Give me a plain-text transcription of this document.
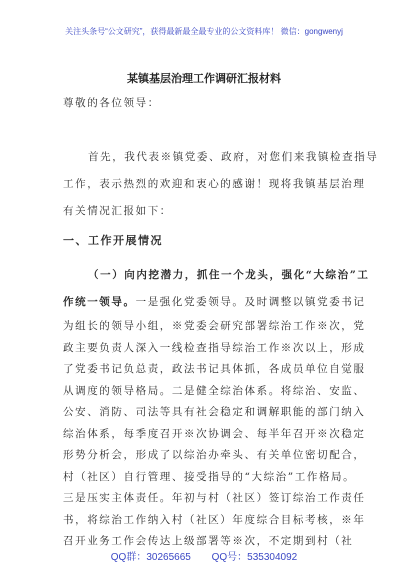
关注头条号“公文研究”，获得最新最全最专业的公文资料库！ 微信：gongwenyj
某镇基层治理工作调研汇报材料
尊敬的各位领导：
首先，我代表※镇党委、政府，对您们来我镇检查指导
工作，表示热烈的欢迎和衷心的感谢！现将我镇基层治理
有关情况汇报如下：
一、工作开展情况
（一）向内挖潜力，抓住一个龙头，强化“大综治”工
作统一领导。一是强化党委领导。及时调整以镇党委书记
为组长的领导小组，※党委会研究部署综治工作※次，党
政主要负责人深入一线检查指导综治工作※次以上，形成
了党委书记负总责，政法书记具体抓，各成员单位自觉服
从调度的领导格局。二是健全综治体系。将综治、安监、
公安、消防、司法等具有社会稳定和调解职能的部门纳入
综治体系，每季度召开※次协调会、每半年召开※次稳定
形势分析会，形成了以综治办牵头、有关单位密切配合，
村（社区）自行管理、接受指导的“大综治”工作格局。
三是压实主体责任。年初与村（社区）签订综治工作责任
书，将综治工作纳入村（社区）年度综合目标考核，※年
召开业务工作会传达上级部署等※次，不定期到村（社
QQ群：30265665 QQ号：535304092
